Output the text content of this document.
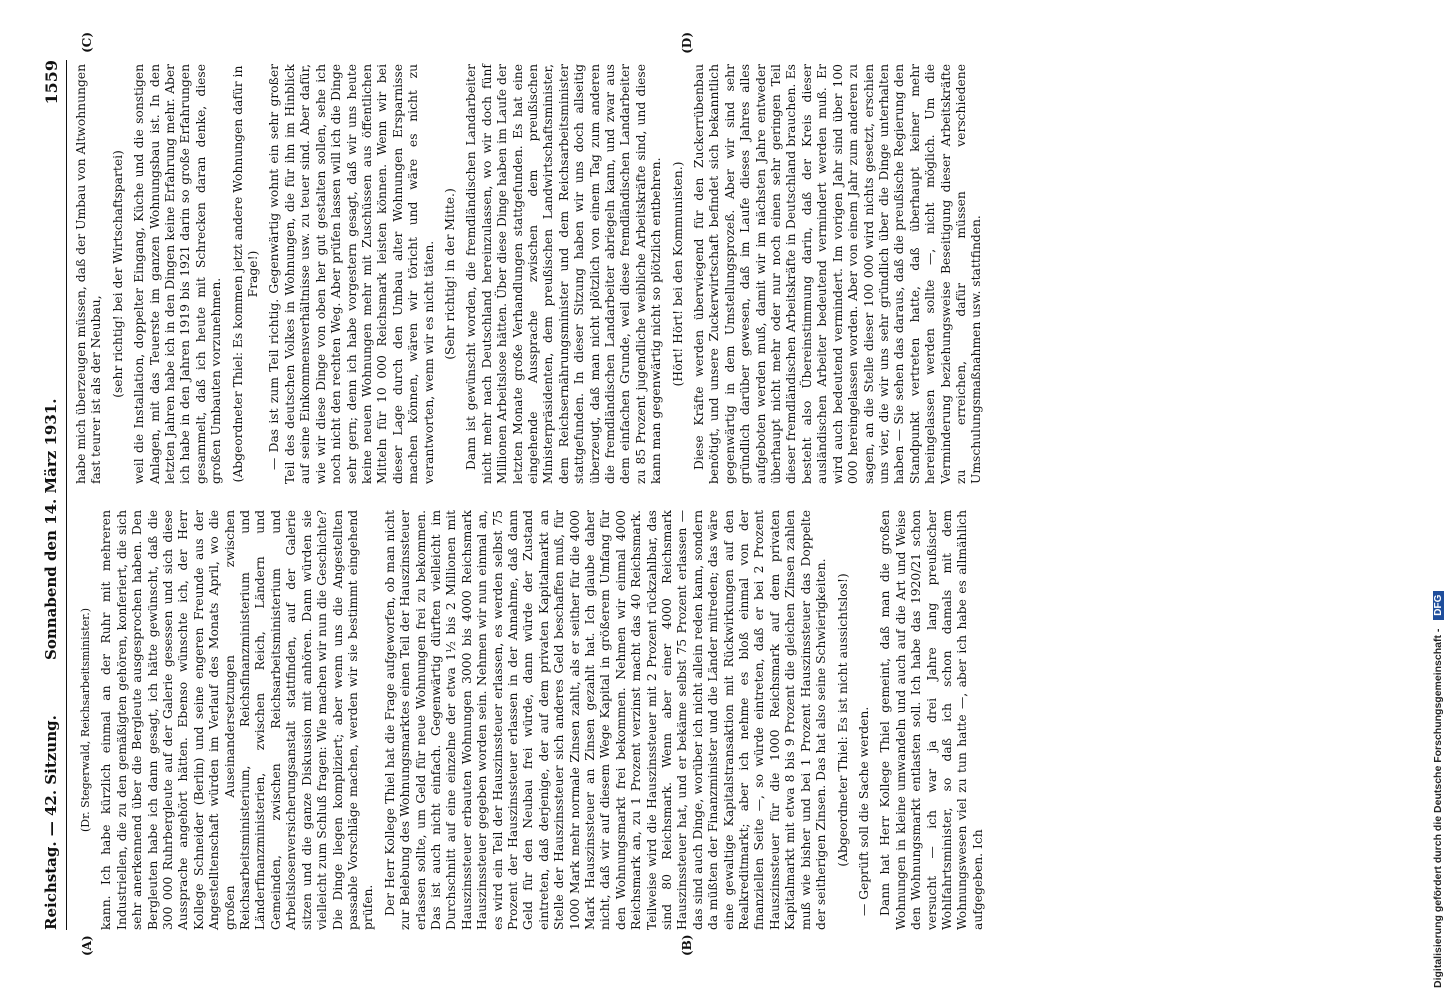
Reichstag. — 42. Sitzung.
Sonnabend den 14. März 1931.
1559

(Dr. Stegerwald, Reichsarbeitsminister.) kann. Ich habe kürzlich einmal an der Ruhr mit mehreren Industriellen, die zu den gemäßigten gehören, konferiert, die sich sehr anerkennend über die Bergleute ausgesprochen haben. Den Bergleuten habe ich dann gesagt, ich hätte gewünscht, daß die 300 000 Ruhrbergleute auf der Galerie gesessen und sich diese Aussprache angehört hätten. Ebenso wünschte ich, der Herr Kollege Schneider (Berlin) und seine engeren Freunde aus der Angestelltenschaft würden im Verlauf des Monats April, wo die großen Auseinandersetzungen zwischen Reichsarbeitsministerium, Reichsfinanzministerium und Länderfinanzministerien, zwischen Reich, Ländern und Gemeinden, zwischen Reichsarbeitsministerium und Arbeitslosenversicherungsanstalt stattfinden, auf der Galerie sitzen und die ganze Diskussion mit anhören. Dann würden sie vielleicht zum Schluß fragen: Wie machen wir nun die Geschichte? Die Dinge liegen kompliziert; aber wenn uns die Angestellten passable Vorschläge machen, werden wir sie bestimmt eingehend prüfen. Der Herr Kollege Thiel hat die Frage aufgeworfen, ob man nicht zur Belebung des Wohnungsmarktes einen Teil der Hauszinssteuer erlassen sollte, um Geld für neue Wohnungen frei zu bekommen. Das ist auch nicht einfach. Gegenwärtig dürften vielleicht im Durchschnitt auf eine einzelne der etwa 1½ bis 2 Millionen mit Hauszinssteuer erbauten Wohnungen 3000 bis 4000 Reichsmark Hauszinssteuer gegeben worden sein. Nehmen wir nun einmal an, es wird ein Teil der Hauszinssteuer erlassen, es werden selbst 75 Prozent der Hauszinssteuer erlassen in der Annahme, daß dann Geld für den Neubau frei würde, dann würde der Zustand eintreten, daß derjenige, der auf dem privaten Kapitalmarkt an Stelle der Hauszinssteuer sich anderes Geld beschaffen muß, für 1000 Mark mehr normale Zinsen zahlt, als er seither für die 4000 Mark Hauszinssteuer an Zinsen gezahlt hat. Ich glaube daher nicht, daß wir auf diesem Wege Kapital in größerem Umfang für den Wohnungsmarkt frei bekommen. Nehmen wir einmal 4000 Reichsmark an, zu 1 Prozent verzinst macht das 40 Reichsmark. Teilweise wird die Hauszinssteuer mit 2 Prozent rückzahlbar, das sind 80 Reichsmark. Wenn aber einer 4000 Reichsmark Hauszinssteuer hat, und er bekäme selbst 75 Prozent erlassen — das sind auch Dinge, worüber ich nicht allein reden kann, sondern da müßten der Finanzminister und die Länder mitreden; das wäre eine gewaltige Kapitalstransaktion mit Rückwirkungen auf den Realkreditmarkt; aber ich nehme es bloß einmal von der finanziellen Seite —, so würde eintreten, daß er bei 2 Prozent Hauszinssteuer für die 1000 Reichsmark auf dem privaten Kapitalmarkt mit etwa 8 bis 9 Prozent die gleichen Zinsen zahlen muß wie bisher und bei 1 Prozent Hauszinssteuer das Doppelte der seitherigen Zinsen. Das hat also seine Schwierigkeiten. (Abgeordneter Thiel: Es ist nicht aussichtslos!) — Geprüft soll die Sache werden. Dann hat Herr Kollege Thiel gemeint, daß man die großen Wohnungen in kleine umwandeln und auch auf die Art und Weise den Wohnungsmarkt entlasten soll. Ich habe das 1920/21 schon versucht — ich war ja drei Jahre lang preußischer Wohlfahrtsminister, so daß ich schon damals mit dem Wohnungswesen viel zu tun hatte —, aber ich habe es allmählich aufgegeben. Ich

habe mich überzeugen müssen, daß der Umbau von Altwohnungen fast teurer ist als der Neubau, (sehr richtig! bei der Wirtschaftspartei) weil die Installation, doppelter Eingang, Küche und die sonstigen Anlagen, mit das Teuerste im ganzen Wohnungsbau ist. In den letzten Jahren habe ich in den Dingen keine Erfahrung mehr. Aber ich habe in den Jahren 1919 bis 1921 darin so große Erfahrungen gesammelt, daß ich heute mit Schrecken daran denke, diese großen Umbauten vorzunehmen. (Abgeordneter Thiel: Es kommen jetzt andere Wohnungen dafür in Frage!) — Das ist zum Teil richtig. Gegenwärtig wohnt ein sehr großer Teil des deutschen Volkes in Wohnungen, die für ihn im Hinblick auf seine Einkommensverhältnisse usw. zu teuer sind. Aber dafür, wie wir diese Dinge von oben her gut gestalten sollen, sehe ich noch nicht den rechten Weg. Aber prüfen lassen will ich die Dinge sehr gern; denn ich habe vorgestern gesagt, daß wir uns heute keine neuen Wohnungen mehr mit Zuschüssen aus öffentlichen Mitteln für 10 000 Reichsmark leisten können. Wenn wir bei dieser Lage durch den Umbau alter Wohnungen Ersparnisse machen können, wären wir töricht und wäre es nicht zu verantworten, wenn wir es nicht täten. (Sehr richtig! in der Mitte.) Dann ist gewünscht worden, die fremdländischen Landarbeiter nicht mehr nach Deutschland hereinzulassen, wo wir doch fünf Millionen Arbeitslose hätten. Über diese Dinge haben im Laufe der letzten Monate große Verhandlungen stattgefunden. Es hat eine eingehende Aussprache zwischen dem preußischen Ministerpräsidenten, dem preußischen Landwirtschaftsminister, dem Reichsernährungsminister und dem Reichsarbeitsminister stattgefunden. In dieser Sitzung haben wir uns doch allseitig überzeugt, daß man nicht plötzlich von einem Tag zum anderen die fremdländischen Landarbeiter abriegeln kann, und zwar aus dem einfachen Grunde, weil diese fremdländischen Landarbeiter zu 85 Prozent jugendliche weibliche Arbeitskräfte sind, und diese kann man gegenwärtig nicht so plötzlich entbehren. (Hört! Hört! bei den Kommunisten.) Diese Kräfte werden überwiegend für den Zuckerrübenbau benötigt, und unsere Zuckerwirtschaft befindet sich bekanntlich gegenwärtig in dem Umstellungsprozeß. Aber wir sind sehr gründlich darüber gewesen, daß im Laufe dieses Jahres alles aufgeboten werden muß, damit wir im nächsten Jahre entweder überhaupt nicht mehr oder nur noch einen sehr geringen Teil dieser fremdländischen Arbeitskräfte in Deutschland brauchen. Es besteht also Übereinstimmung darin, daß der Kreis dieser ausländischen Arbeiter bedeutend vermindert werden muß. Er wird auch bedeutend vermindert. Im vorigen Jahr sind über 100 000 hereingelassen worden. Aber von einem Jahr zum anderen zu sagen, an die Stelle dieser 100 000 wird nichts gesetzt, erschien uns vier, die wir uns sehr gründlich über die Dinge unterhalten haben — Sie sehen das daraus, daß die preußische Regierung den Standpunkt vertreten hatte, daß überhaupt keiner mehr hereingelassen werden sollte —, nicht möglich. Um die Verminderung beziehungsweise Beseitigung dieser Arbeitskräfte zu erreichen, dafür müssen verschiedene Umschulungsmaßnahmen usw. stattfinden.

(A)	(B)
(C)	(D)
Digitalisierung gefördert durch die Deutsche Forschungsgemeinschaft - DFG
